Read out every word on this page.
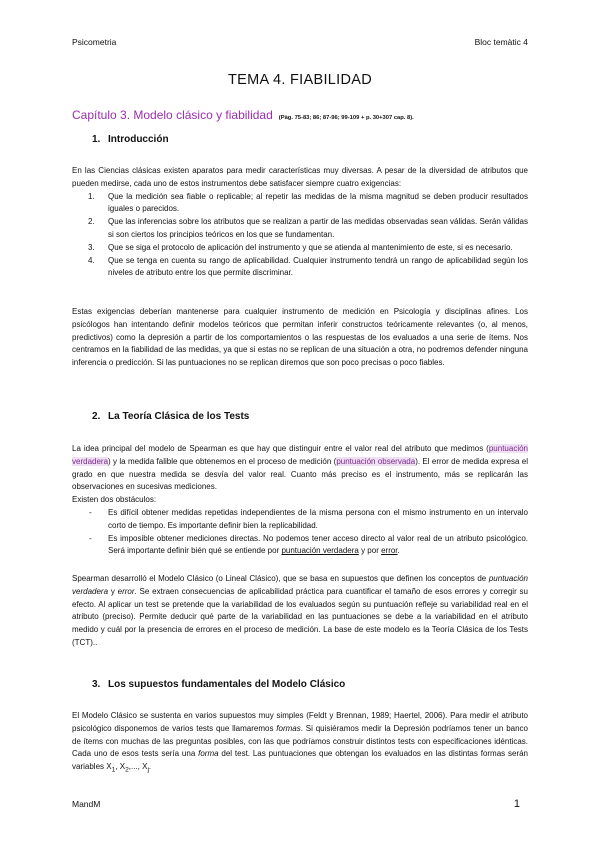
Psicometria	Bloc temàtic 4
TEMA 4. FIABILIDAD
Capítulo 3. Modelo clásico y fiabilidad (Pàg. 75-83; 86; 87-96; 99-109 + p. 30+307 cap. 8).
1. Introducción

En las Ciencias clásicas existen aparatos para medir características muy diversas. A pesar de la diversidad de atributos que pueden medirse, cada uno de estos instrumentos debe satisfacer siempre cuatro exigencias:

1. Que la medición sea fiable o replicable; al repetir las medidas de la misma magnitud se deben producir resultados iguales o parecidos.
2. Que las inferencias sobre los atributos que se realizan a partir de las medidas observadas sean válidas. Serán válidas si son ciertos los principios teóricos en los que se fundamentan.
3. Que se siga el protocolo de aplicación del instrumento y que se atienda al mantenimiento de este, si es necesario.
4. Que se tenga en cuenta su rango de aplicabilidad. Cualquier instrumento tendrá un rango de aplicabilidad según los niveles de atributo entre los que permite discriminar.
Estas exigencias deberían mantenerse para cualquier instrumento de medición en Psicología y disciplinas afines. Los psicólogos han intentando definir modelos teóricos que permitan inferir constructos teóricamente relevantes (o, al menos, predictivos) como la depresión a partir de los comportamientos o las respuestas de los evaluados a una serie de ítems. Nos centramos en la fiabilidad de las medidas, ya que si estas no se replican de una situación a otra, no podremos defender ninguna inferencia o predicción. Si las puntuaciones no se replican diremos que son poco precisas o poco fiables.
2. La Teoría Clásica de los Tests

La idea principal del modelo de Spearman es que hay que distinguir entre el valor real del atributo que medimos (puntuación verdadera) y la medida falible que obtenemos en el proceso de medición (puntuación observada). El error de medida expresa el grado en que nuestra medida se desvía del valor real. Cuanto más preciso es el instrumento, más se replicarán las observaciones en sucesivas mediciones.

Existen dos obstáculos:

- Es difícil obtener medidas repetidas independientes de la misma persona con el mismo instrumento en un intervalo corto de tiempo. Es importante definir bien la replicabilidad.
- Es imposible obtener mediciones directas. No podemos tener acceso directo al valor real de un atributo psicológico. Será importante definir bién qué se entiende por puntuación verdadera y por error.
Spearman desarrolló el Modelo Clásico (o Lineal Clásico), que se basa en supuestos que definen los conceptos de puntuación verdadera y error. Se extraen consecuencias de aplicabilidad práctica para cuantificar el tamaño de esos errores y corregir su efecto. Al aplicar un test se pretende que la variabilidad de los evaluados según su puntuación refleje su variabilidad real en el atributo (preciso). Permite deducir qué parte de la variabilidad en las puntuaciones se debe a la variabilidad en el atributo medido y cuál por la presencia de errores en el proceso de medición. La base de este modelo es la Teoría Clásica de los Tests (TCT)..
3. Los supuestos fundamentales del Modelo Clásico
El Modelo Clásico se sustenta en varios supuestos muy simples (Feldt y Brennan, 1989; Haertel, 2006). Para medir el atributo psicológico disponemos de varios tests que llamaremos formas. Si quisiéramos medir la Depresión podríamos tener un banco de ítems con muchas de las preguntas posibles, con las que podríamos construir distintos tests con especificaciones idénticas. Cada uno de esos tests sería una forma del test. Las puntuaciones que obtengan los evaluados en las distintas formas serán variables $X_1$, $X_2$,..., $X_j$.
MandM	1
